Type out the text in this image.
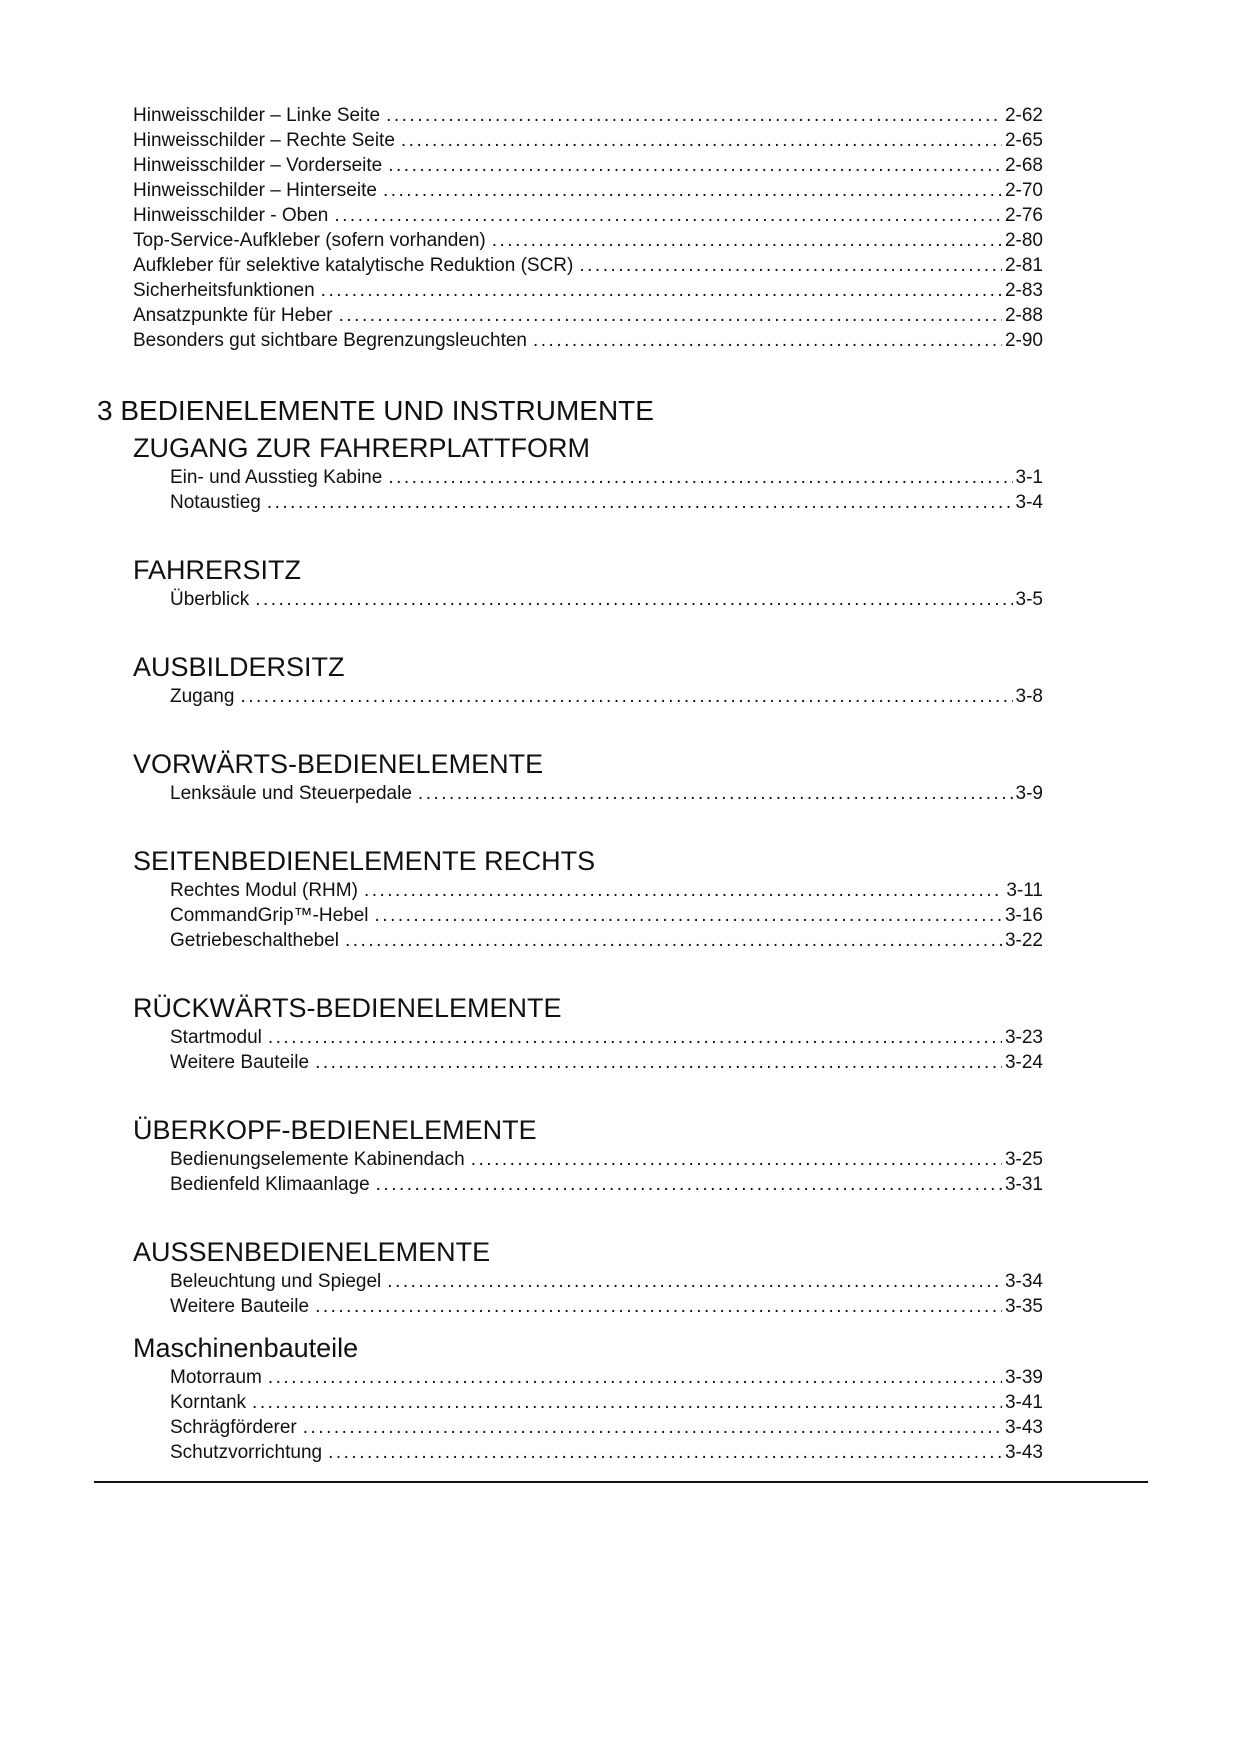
Hinweisschilder – Linke Seite .....	2-62
Hinweisschilder – Rechte Seite .....	2-65
Hinweisschilder – Vorderseite .....	2-68
Hinweisschilder – Hinterseite .....	2-70
Hinweisschilder - Oben .....	2-76
Top-Service-Aufkleber (sofern vorhanden) .....	2-80
Aufkleber für selektive katalytische Reduktion (SCR) .....	2-81
Sicherheitsfunktionen .....	2-83
Ansatzpunkte für Heber .....	2-88
Besonders gut sichtbare Begrenzungsleuchten .....	2-90
3 BEDIENELEMENTE UND INSTRUMENTE
ZUGANG ZUR FAHRERPLATTFORM
Ein- und Ausstieg Kabine .....	3-1
Notaustieg .....	3-4
FAHRERSITZ
Überblick .....	3-5
AUSBILDERSITZ
Zugang .....	3-8
VORWÄRTS-BEDIENELEMENTE
Lenksäule und Steuerpedale .....	3-9
SEITENBEDIENELEMENTE RECHTS
Rechtes Modul (RHM) .....	3-11
CommandGrip™-Hebel .....	3-16
Getriebeschalthebel .....	3-22
RÜCKWÄRTS-BEDIENELEMENTE
Startmodul .....	3-23
Weitere Bauteile .....	3-24
ÜBERKOPF-BEDIENELEMENTE
Bedienungselemente Kabinendach .....	3-25
Bedienfeld Klimaanlage .....	3-31
AUSSENBEDIENELEMENTE
Beleuchtung und Spiegel .....	3-34
Weitere Bauteile .....	3-35
Maschinenbauteile
Motorraum .....	3-39
Korntank .....	3-41
Schrägförderer .....	3-43
Schutzvorrichtung .....	3-43
